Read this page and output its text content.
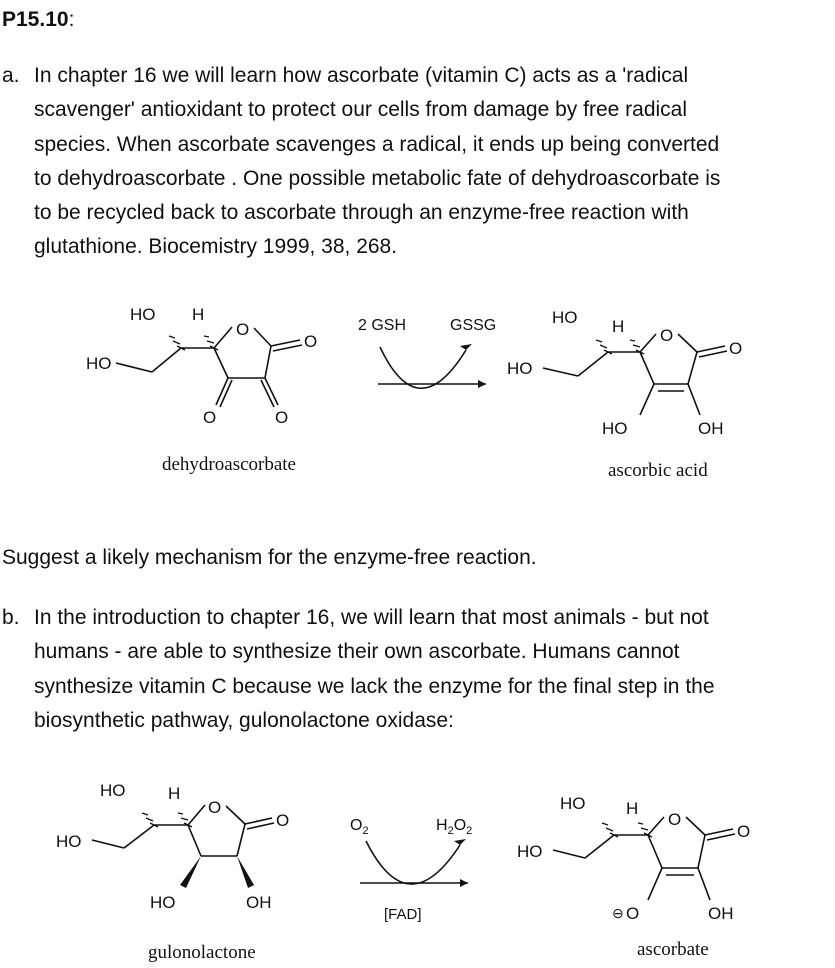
P15.10:
a. In chapter 16 we will learn how ascorbate (vitamin C) acts as a 'radical
scavenger' antioxidant to protect our cells from damage by free radical
species. When ascorbate scavenges a radical, it ends up being converted
to dehydroascorbate . One possible metabolic fate of dehydroascorbate is
to be recycled back to ascorbate through an enzyme-free reaction with
glutathione. Biocemistry 1999, 38, 268.
HO H
HO
O
O
O	O
2 GSH	GSSG	HO H
HO
O
O
HO	OH
dehydroascorbate	ascorbic acid
Suggest a likely mechanism for the enzyme-free reaction.
b. In the introduction to chapter 16, we will learn that most animals - but not
humans - are able to synthesize their own ascorbate. Humans cannot
synthesize vitamin C because we lack the enzyme for the final step in the
biosynthetic pathway, gulonolactone oxidase:
HO	H
HO
O
O
HO	OH
$O_2$	$H_2O_2$
[FAD]
HO H
HO
O
O
⊖ O	OH
gulonolactone	ascorbate
